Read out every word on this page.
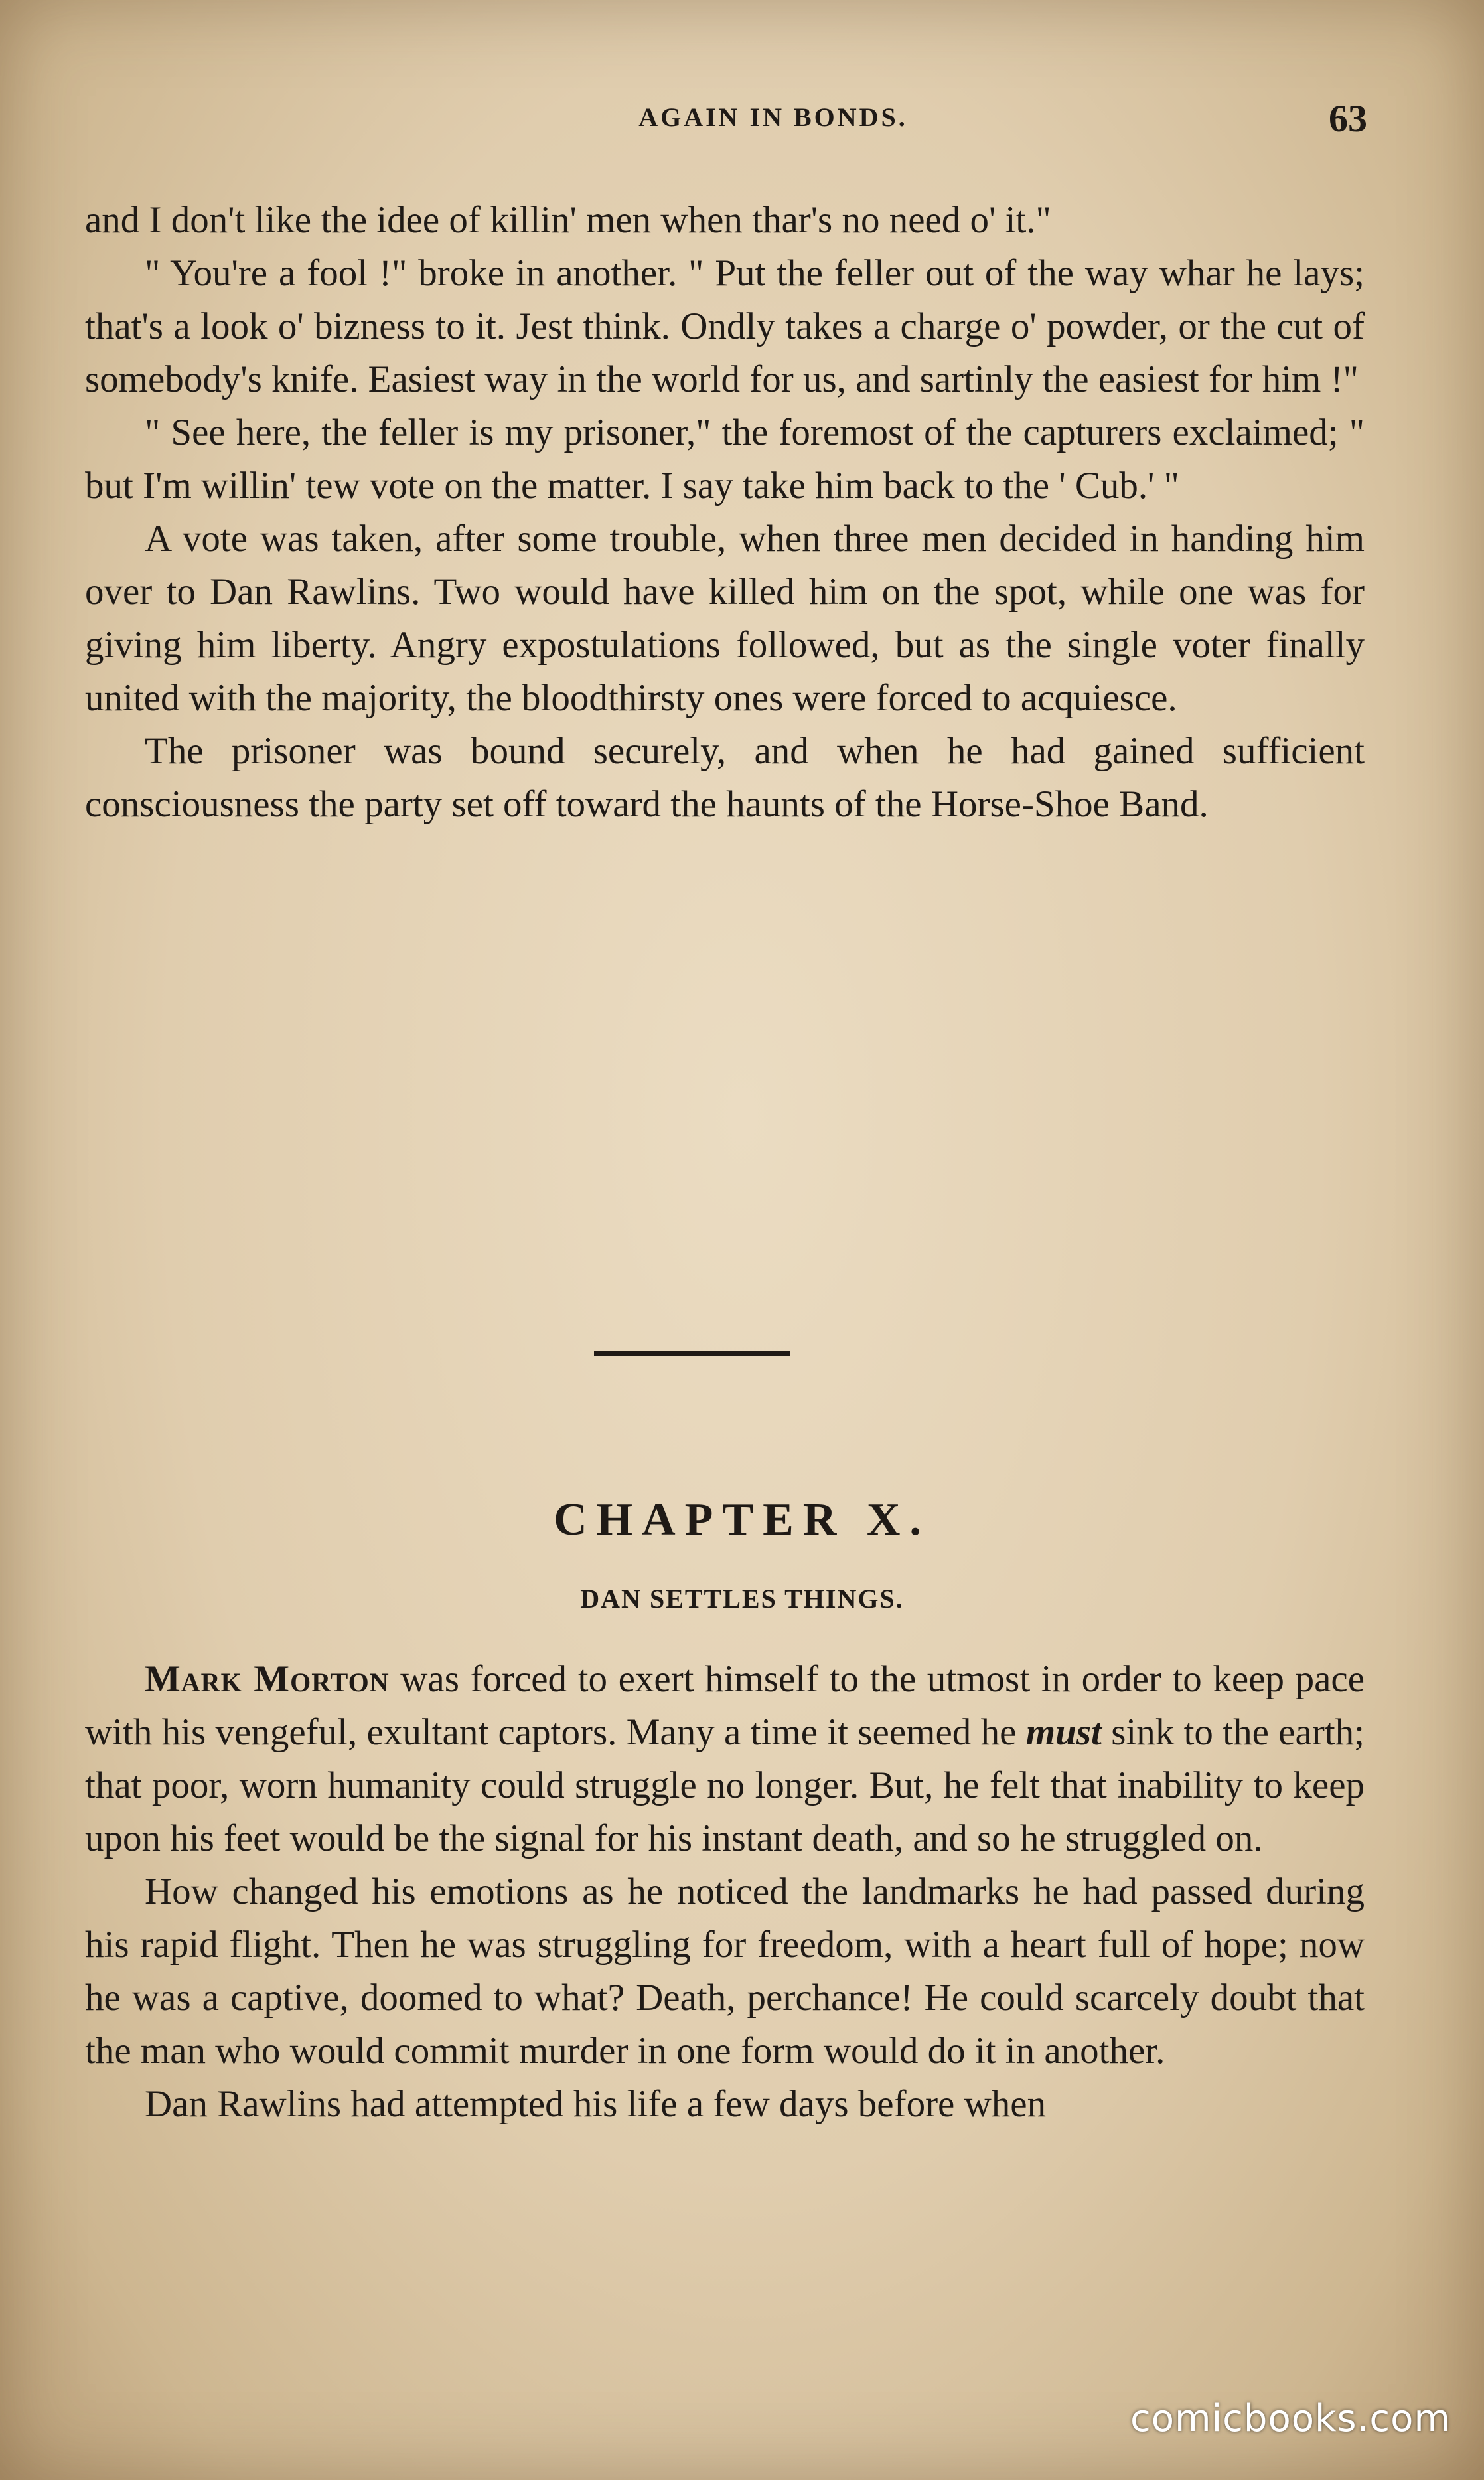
AGAIN IN BONDS.	63

and I don't like the idee of killin' men when thar's no need o' it."

" You're a fool !" broke in another. " Put the feller out of the way whar he lays; that's a look o' bizness to it. Jest think. Ondly takes a charge o' powder, or the cut of somebody's knife. Easiest way in the world for us, and sartinly the easiest for him !"

" See here, the feller is my prisoner," the foremost of the capturers exclaimed; " but I'm willin' tew vote on the matter. I say take him back to the ' Cub.' "

A vote was taken, after some trouble, when three men decided in handing him over to Dan Rawlins. Two would have killed him on the spot, while one was for giving him liberty. Angry expostulations followed, but as the single voter finally united with the majority, the bloodthirsty ones were forced to acquiesce.

The prisoner was bound securely, and when he had gained sufficient consciousness the party set off toward the haunts of the Horse-Shoe Band.

CHAPTER X.
DAN SETTLES THINGS.

Mark Morton was forced to exert himself to the utmost in order to keep pace with his vengeful, exultant captors. Many a time it seemed he must sink to the earth; that poor, worn humanity could struggle no longer. But, he felt that inability to keep upon his feet would be the signal for his instant death, and so he struggled on.

How changed his emotions as he noticed the landmarks he had passed during his rapid flight. Then he was struggling for freedom, with a heart full of hope; now he was a captive, doomed to what? Death, perchance! He could scarcely doubt that the man who would commit murder in one form would do it in another.

Dan Rawlins had attempted his life a few days before when

comicbooks.com
